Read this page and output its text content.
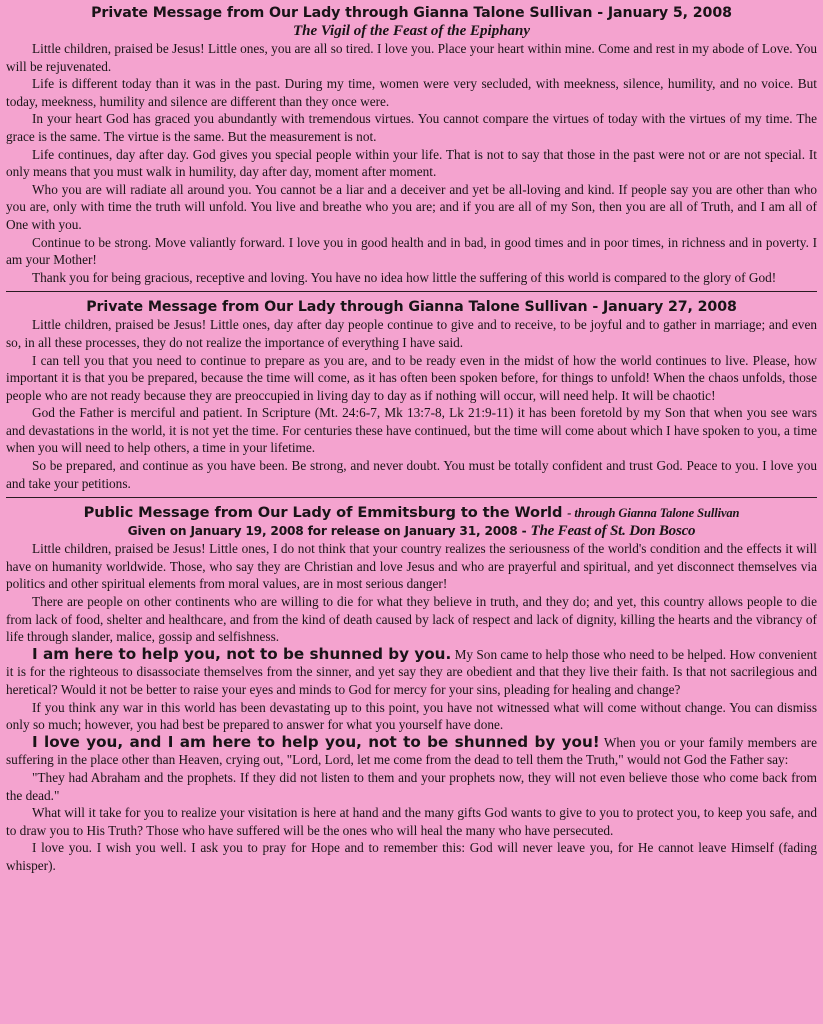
Private Message from Our Lady through Gianna Talone Sullivan - January 5, 2008
The Vigil of the Feast of the Epiphany

Little children, praised be Jesus! Little ones, you are all so tired. I love you. Place your heart within mine. Come and rest in my abode of Love. You will be rejuvenated.

Life is different today than it was in the past. During my time, women were very secluded, with meekness, silence, humility, and no voice. But today, meekness, humility and silence are different than they once were.

In your heart God has graced you abundantly with tremendous virtues. You cannot compare the virtues of today with the virtues of my time. The grace is the same. The virtue is the same. But the measurement is not.

Life continues, day after day. God gives you special people within your life. That is not to say that those in the past were not or are not special. It only means that you must walk in humility, day after day, moment after moment.

Who you are will radiate all around you. You cannot be a liar and a deceiver and yet be all-loving and kind. If people say you are other than who you are, only with time the truth will unfold. You live and breathe who you are; and if you are all of my Son, then you are all of Truth, and I am all of One with you.

Continue to be strong. Move valiantly forward. I love you in good health and in bad, in good times and in poor times, in richness and in poverty. I am your Mother!

Thank you for being gracious, receptive and loving. You have no idea how little the suffering of this world is compared to the glory of God!

Private Message from Our Lady through Gianna Talone Sullivan - January 27, 2008

Little children, praised be Jesus! Little ones, day after day people continue to give and to receive, to be joyful and to gather in marriage; and even so, in all these processes, they do not realize the importance of everything I have said.

I can tell you that you need to continue to prepare as you are, and to be ready even in the midst of how the world continues to live. Please, how important it is that you be prepared, because the time will come, as it has often been spoken before, for things to unfold! When the chaos unfolds, those people who are not ready because they are preoccupied in living day to day as if nothing will occur, will need help. It will be chaotic!

God the Father is merciful and patient. In Scripture (Mt. 24:6-7, Mk 13:7-8, Lk 21:9-11) it has been foretold by my Son that when you see wars and devastations in the world, it is not yet the time. For centuries these have continued, but the time will come about which I have spoken to you, a time when you will need to help others, a time in your lifetime.

So be prepared, and continue as you have been. Be strong, and never doubt. You must be totally confident and trust God. Peace to you. I love you and take your petitions.

Public Message from Our Lady of Emmitsburg to the World - through Gianna Talone Sullivan
Given on January 19, 2008 for release on January 31, 2008 - The Feast of St. Don Bosco

Little children, praised be Jesus! Little ones, I do not think that your country realizes the seriousness of the world's condition and the effects it will have on humanity worldwide. Those, who say they are Christian and love Jesus and who are prayerful and spiritual, and yet disconnect themselves via politics and other spiritual elements from moral values, are in most serious danger!

There are people on other continents who are willing to die for what they believe in truth, and they do; and yet, this country allows people to die from lack of food, shelter and healthcare, and from the kind of death caused by lack of respect and lack of dignity, killing the hearts and the vibrancy of life through slander, malice, gossip and selfishness.

I am here to help you, not to be shunned by you. My Son came to help those who need to be helped. How convenient it is for the righteous to disassociate themselves from the sinner, and yet say they are obedient and that they live their faith. Is that not sacrilegious and heretical? Would it not be better to raise your eyes and minds to God for mercy for your sins, pleading for healing and change?

If you think any war in this world has been devastating up to this point, you have not witnessed what will come without change. You can dismiss only so much; however, you had best be prepared to answer for what you yourself have done.

I love you, and I am here to help you, not to be shunned by you! When you or your family members are suffering in the place other than Heaven, crying out, "Lord, Lord, let me come from the dead to tell them the Truth," would not God the Father say:

"They had Abraham and the prophets. If they did not listen to them and your prophets now, they will not even believe those who come back from the dead."

What will it take for you to realize your visitation is here at hand and the many gifts God wants to give to you to protect you, to keep you safe, and to draw you to His Truth? Those who have suffered will be the ones who will heal the many who have persecuted.

I love you. I wish you well. I ask you to pray for Hope and to remember this: God will never leave you, for He cannot leave Himself (fading whisper).
